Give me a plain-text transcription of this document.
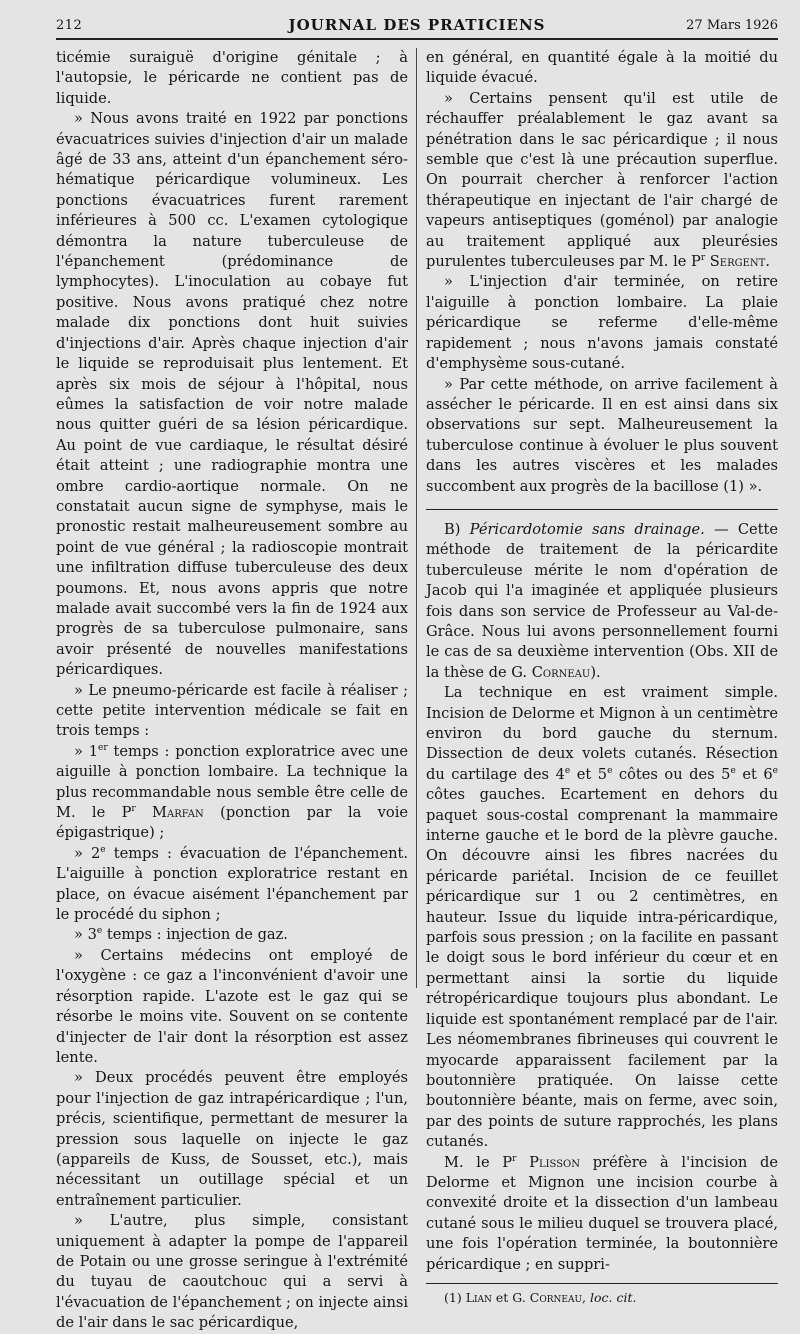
212	JOURNAL DES PRATICIENS	27 Mars 1926

ticémie suraiguë d'origine génitale ; à l'autopsie, le péricarde ne contient pas de liquide.

» Nous avons traité en 1922 par ponctions évacuatrices suivies d'injection d'air un malade âgé de 33 ans, atteint d'un épanchement séro-hématique péricardique volumineux. Les ponctions évacuatrices furent rarement inférieures à 500 cc. L'examen cytologique démontra la nature tuberculeuse de l'épanchement (prédominance de lymphocytes). L'inoculation au cobaye fut positive. Nous avons pratiqué chez notre malade dix ponctions dont huit suivies d'injections d'air. Après chaque injection d'air le liquide se reproduisait plus lentement. Et après six mois de séjour à l'hôpital, nous eûmes la satisfaction de voir notre malade nous quitter guéri de sa lésion péricardique. Au point de vue cardiaque, le résultat désiré était atteint ; une radiographie montra une ombre cardio-aortique normale. On ne constatait aucun signe de symphyse, mais le pronostic restait malheureusement sombre au point de vue général ; la radioscopie montrait une infiltration diffuse tuberculeuse des deux poumons. Et, nous avons appris que notre malade avait succombé vers la fin de 1924 aux progrès de sa tuberculose pulmonaire, sans avoir présenté de nouvelles manifestations péricardiques.

» Le pneumo-péricarde est facile à réaliser ; cette petite intervention médicale se fait en trois temps :

» 1er temps : ponction exploratrice avec une aiguille à ponction lombaire. La technique la plus recommandable nous semble être celle de M. le $P^r$ Marfan (ponction par la voie épigastrique) ;

» 2e temps : évacuation de l'épanchement. L'aiguille à ponction exploratrice restant en place, on évacue aisément l'épanchement par le procédé du siphon ;

» 3e temps : injection de gaz.

» Certains médecins ont employé de l'oxygène : ce gaz a l'inconvénient d'avoir une résorption rapide. L'azote est le gaz qui se résorbe le moins vite. Souvent on se contente d'injecter de l'air dont la résorption est assez lente.

» Deux procédés peuvent être employés pour l'injection de gaz intrapéricardique ; l'un, précis, scientifique, permettant de mesurer la pression sous laquelle on injecte le gaz (appareils de Kuss, de Sousset, etc.), mais nécessitant un outillage spécial et un entraînement particulier.

» L'autre, plus simple, consistant uniquement à adapter la pompe de l'appareil de Potain ou une grosse seringue à l'extrémité du tuyau de caoutchouc qui a servi à l'évacuation de l'épanchement ; on injecte ainsi de l'air dans le sac péricardique,

en général, en quantité égale à la moitié du liquide évacué.

» Certains pensent qu'il est utile de réchauffer préalablement le gaz avant sa pénétration dans le sac péricardique ; il nous semble que c'est là une précaution superflue. On pourrait chercher à renforcer l'action thérapeutique en injectant de l'air chargé de vapeurs antiseptiques (goménol) par analogie au traitement appliqué aux pleurésies purulentes tuberculeuses par M. le $P^r$ Sergent.

» L'injection d'air terminée, on retire l'aiguille à ponction lombaire. La plaie péricardique se referme d'elle-même rapidement ; nous n'avons jamais constaté d'emphysème sous-cutané.

» Par cette méthode, on arrive facilement à assécher le péricarde. Il en est ainsi dans six observations sur sept. Malheureusement la tuberculose continue à évoluer le plus souvent dans les autres viscères et les malades succombent aux progrès de la bacillose (1) ».

B) Péricardotomie sans drainage. — Cette méthode de traitement de la péricardite tuberculeuse mérite le nom d'opération de Jacob qui l'a imaginée et appliquée plusieurs fois dans son service de Professeur au Val-de-Grâce. Nous lui avons personnellement fourni le cas de sa deuxième intervention (Obs. XII de la thèse de G. Corneau).

La technique en est vraiment simple. Incision de Delorme et Mignon à un centimètre environ du bord gauche du sternum. Dissection de deux volets cutanés. Résection du cartilage des 4e et 5e côtes ou des 5e et 6e côtes gauches. Ecartement en dehors du paquet sous-costal comprenant la mammaire interne gauche et le bord de la plèvre gauche. On découvre ainsi les fibres nacrées du péricarde pariétal. Incision de ce feuillet péricardique sur 1 ou 2 centimètres, en hauteur. Issue du liquide intra-péricardique, parfois sous pression ; on la facilite en passant le doigt sous le bord inférieur du cœur et en permettant ainsi la sortie du liquide rétropéricardique toujours plus abondant. Le liquide est spontanément remplacé par de l'air. Les néomembranes fibrineuses qui couvrent le myocarde apparaissent facilement par la boutonnière pratiquée. On laisse cette boutonnière béante, mais on ferme, avec soin, par des points de suture rapprochés, les plans cutanés.

M. le $P^r$ Plisson préfère à l'incision de Delorme et Mignon une incision courbe à convexité droite et la dissection d'un lambeau cutané sous le milieu duquel se trouvera placé, une fois l'opération terminée, la boutonnière péricardique ; en suppri-

(1) Lian et G. Corneau, loc. cit.
